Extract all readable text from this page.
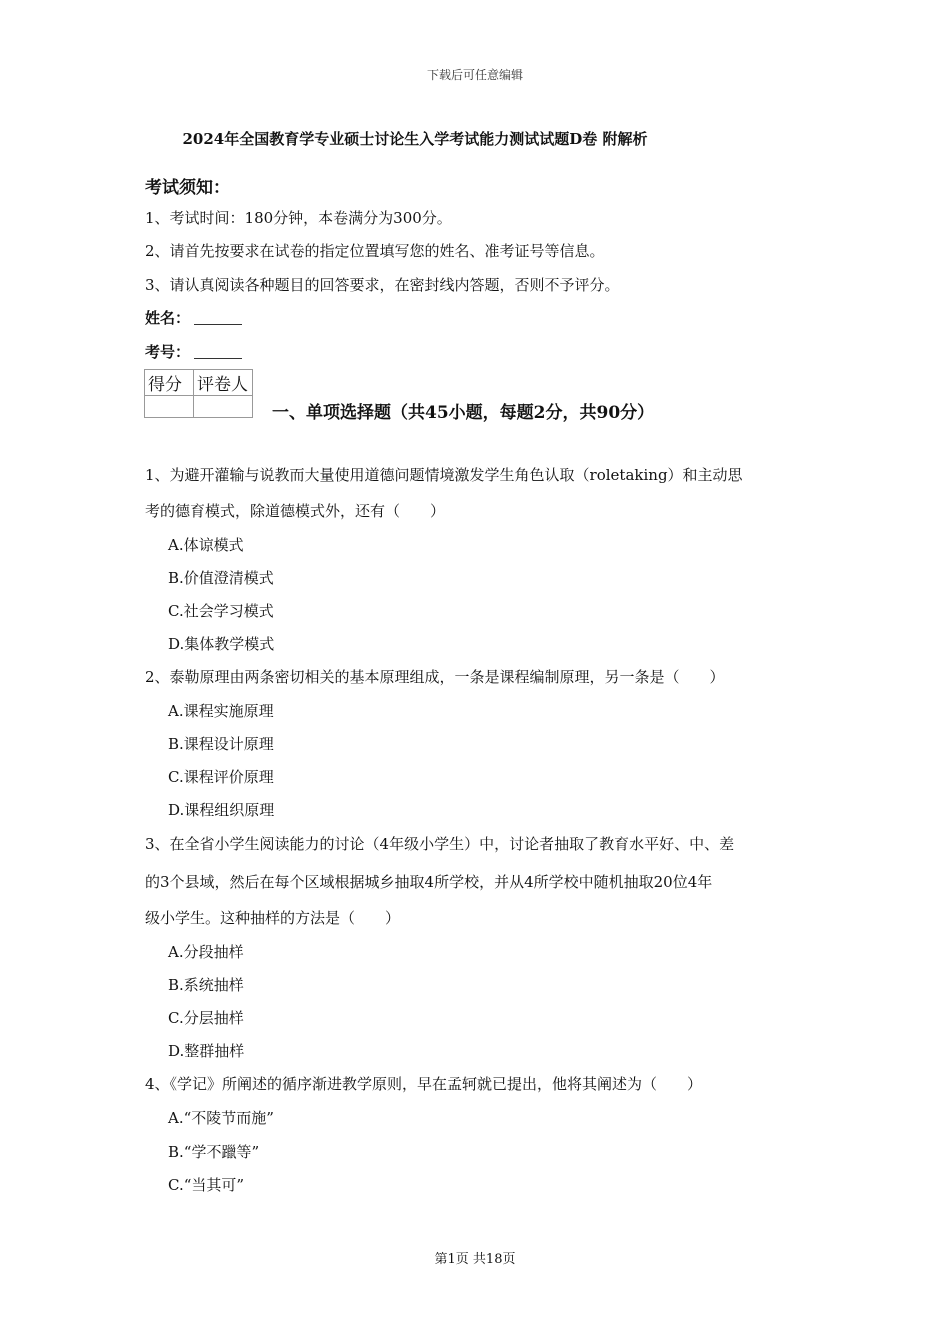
下载后可任意编辑
2024年全国教育学专业硕士讨论生入学考试能力测试试题D卷 附解析
考试须知：
1、考试时间：180分钟，本卷满分为300分。
2、请首先按要求在试卷的指定位置填写您的姓名、准考证号等信息。
3、请认真阅读各种题目的回答要求，在密封线内答题，否则不予评分。
姓名：
考号：
得分	评卷人

一、单项选择题（共45小题，每题2分，共90分）
1、为避开灌输与说教而大量使用道德问题情境激发学生角色认取（roletaking）和主动思
考的德育模式，除道德模式外，还有（　　）
A.体谅模式
B.价值澄清模式
C.社会学习模式
D.集体教学模式
2、泰勒原理由两条密切相关的基本原理组成，一条是课程编制原理，另一条是（　　）
A.课程实施原理
B.课程设计原理
C.课程评价原理
D.课程组织原理
3、在全省小学生阅读能力的讨论（4年级小学生）中，讨论者抽取了教育水平好、中、差
的3个县域，然后在每个区域根据城乡抽取4所学校，并从4所学校中随机抽取20位4年
级小学生。这种抽样的方法是（　　）
A.分段抽样
B.系统抽样
C.分层抽样
D.整群抽样
4、《学记》所阐述的循序渐进教学原则，早在孟轲就已提出，他将其阐述为（　　）
A.“不陵节而施”
B.“学不躐等”
C.“当其可”
第1页 共18页
